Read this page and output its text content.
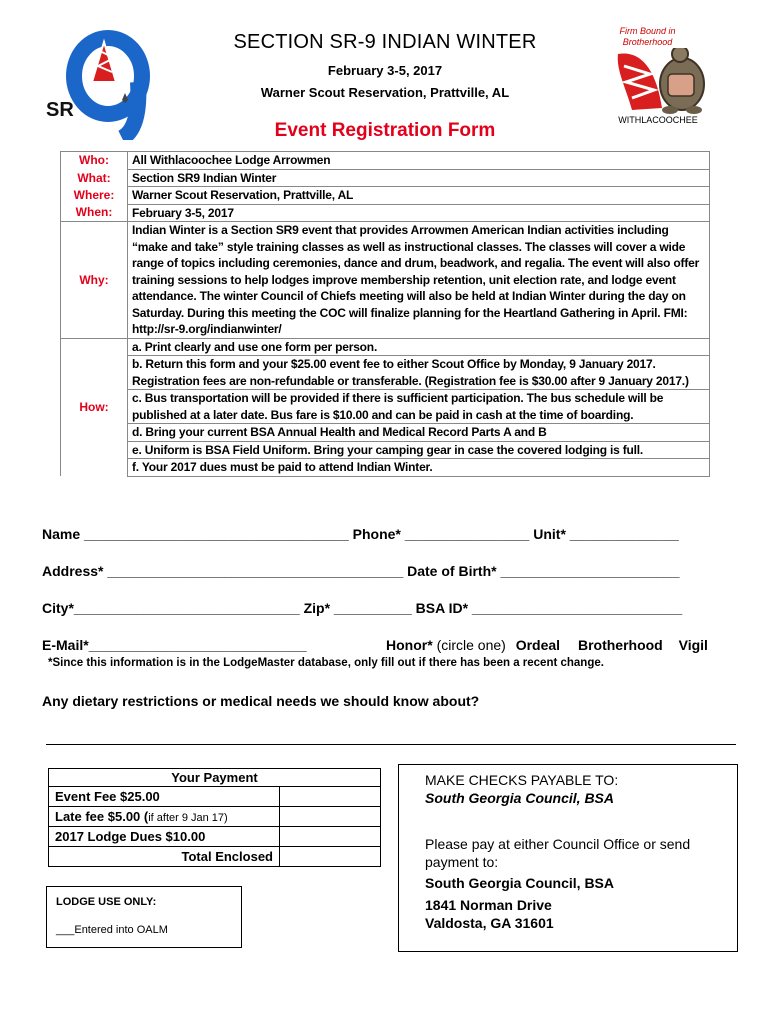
SR
SECTION SR-9 INDIAN WINTER
February 3-5, 2017
Warner Scout Reservation, Prattville, AL
Event Registration Form
Firm Bound in Brotherhood
WITHLACOOCHEE
Who:	All Withlacoochee Lodge Arrowmen
What:	Section SR9 Indian Winter
Where:	Warner Scout Reservation, Prattville, AL
When:	February 3-5, 2017
Why:	Indian Winter is a Section SR9 event that provides Arrowmen American Indian activities including “make and take” style training classes as well as instructional classes. The classes will cover a wide range of topics including ceremonies, dance and drum, beadwork, and regalia. The event will also offer training sessions to help lodges improve membership retention, unit election rate, and lodge event attendance. The winter Council of Chiefs meeting will also be held at Indian Winter during the day on Saturday. During this meeting the COC will finalize planning for the Heartland Gathering in April. FMI: http://sr-9.org/indianwinter/
How:	a. Print clearly and use one form per person.
	b. Return this form and your $25.00 event fee to either Scout Office by Monday, 9 January 2017. Registration fees are non-refundable or transferable. (Registration fee is $30.00 after 9 January 2017.)
	c. Bus transportation will be provided if there is sufficient participation. The bus schedule will be published at a later date. Bus fare is $10.00 and can be paid in cash at the time of boarding.
	d. Bring your current BSA Annual Health and Medical Record Parts A and B
	e. Uniform is BSA Field Uniform. Bring your camping gear in case the covered lodging is full.
	f. Your 2017 dues must be paid to attend Indian Winter.
Name __________________________________ Phone* ________________ Unit* ______________
Address* ______________________________________ Date of Birth* _______________________
City*_____________________________ Zip* __________ BSA ID* ___________________________
E-Mail*____________________________	Honor* (circle one) Ordeal Brotherhood Vigil
*Since this information is in the LodgeMaster database, only fill out if there has been a recent change.
Any dietary restrictions or medical needs we should know about?
Your Payment	
Event Fee $25.00	
Late fee $5.00 (if after 9 Jan 17)	
2017 Lodge Dues $10.00	
Total Enclosed	
LODGE USE ONLY:
___Entered into OALM
MAKE CHECKS PAYABLE TO:
South Georgia Council, BSA
Please pay at either Council Office or send payment to:
South Georgia Council, BSA
1841 Norman Drive
Valdosta, GA 31601
